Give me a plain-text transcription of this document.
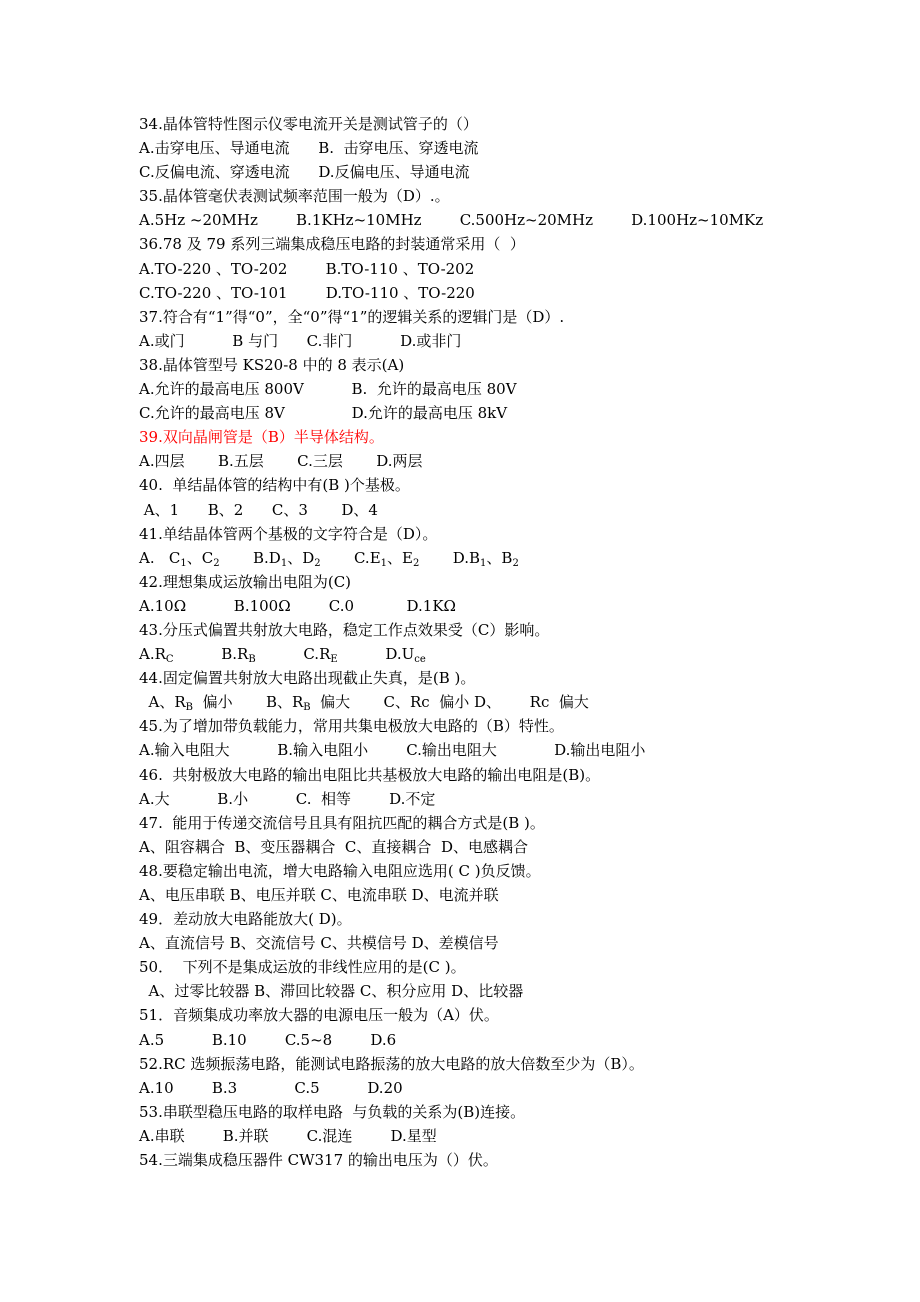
34.晶体管特性图示仪零电流开关是测试管子的（）
A.击穿电压、导通电流      B.  击穿电压、穿透电流
C.反偏电流、穿透电流      D.反偏电压、导通电流
35.晶体管毫伏表测试频率范围一般为（D）.。
A.5Hz ~20MHz        B.1KHz~10MHz        C.500Hz~20MHz        D.100Hz~10MKz
36.78 及 79 系列三端集成稳压电路的封装通常采用（  ）
A.TO-220 、TO-202        B.TO-110 、TO-202
C.TO-220 、TO-101        D.TO-110 、TO-220
37.符合有“1”得“0”，全“0”得“1”的逻辑关系的逻辑门是（D）.
A.或门          B 与门      C.非门          D.或非门
38.晶体管型号 KS20-8 中的 8 表示(A)
A.允许的最高电压 800V          B.  允许的最高电压 80V
C.允许的最高电压 8V              D.允许的最高电压 8kV
39.双向晶闸管是（B）半导体结构。
A.四层       B.五层       C.三层       D.两层
40.  单结晶体管的结构中有(B )个基极。
A、1      B、2      C、3       D、4
41.单结晶体管两个基极的文字符合是（D）。
A.   $C_1$、$C_2$       $B.D_1$、$D_2$       $C.E_1$、$E_2$       $D.B_1$、$B_2$
42.理想集成运放输出电阻为(C)
A.10Ω          B.100Ω        C.0           D.1KΩ
43.分压式偏置共射放大电路，稳定工作点效果受（C）影响。
$A.R_C$          $B.R_B$          $C.R_E$          $D.U_{ce}$
44.固定偏置共射放大电路出现截止失真，是(B )。
A、$R_B$  偏小       B、$R_B$  偏大       C、Rc  偏小 D、      Rc  偏大
45.为了增加带负载能力，常用共集电极放大电路的（B）特性。
A.输入电阻大          B.输入电阻小        C.输出电阻大            D.输出电阻小
46.  共射极放大电路的输出电阻比共基极放大电路的输出电阻是(B)。
A.大          B.小          C.  相等        D.不定
47.  能用于传递交流信号且具有阻抗匹配的耦合方式是(B )。
A、阻容耦合  B、变压器耦合  C、直接耦合  D、电感耦合
48.要稳定输出电流，增大电路输入电阻应选用( C )负反馈。
A、电压串联 B、电压并联 C、电流串联 D、电流并联
49．差动放大电路能放大( D)。
A、直流信号 B、交流信号 C、共模信号 D、差模信号
50．  下列不是集成运放的非线性应用的是(C )。
A、过零比较器 B、滞回比较器 C、积分应用 D、比较器
51．音频集成功率放大器的电源电压一般为（A）伏。
A.5          B.10        C.5~8        D.6
52.RC 选频振荡电路，能测试电路振荡的放大电路的放大倍数至少为（B）。
A.10        B.3            C.5          D.20
53.串联型稳压电路的取样电路  与负载的关系为(B)连接。
A.串联        B.并联        C.混连        D.星型
54.三端集成稳压器件 CW317 的输出电压为（）伏。
